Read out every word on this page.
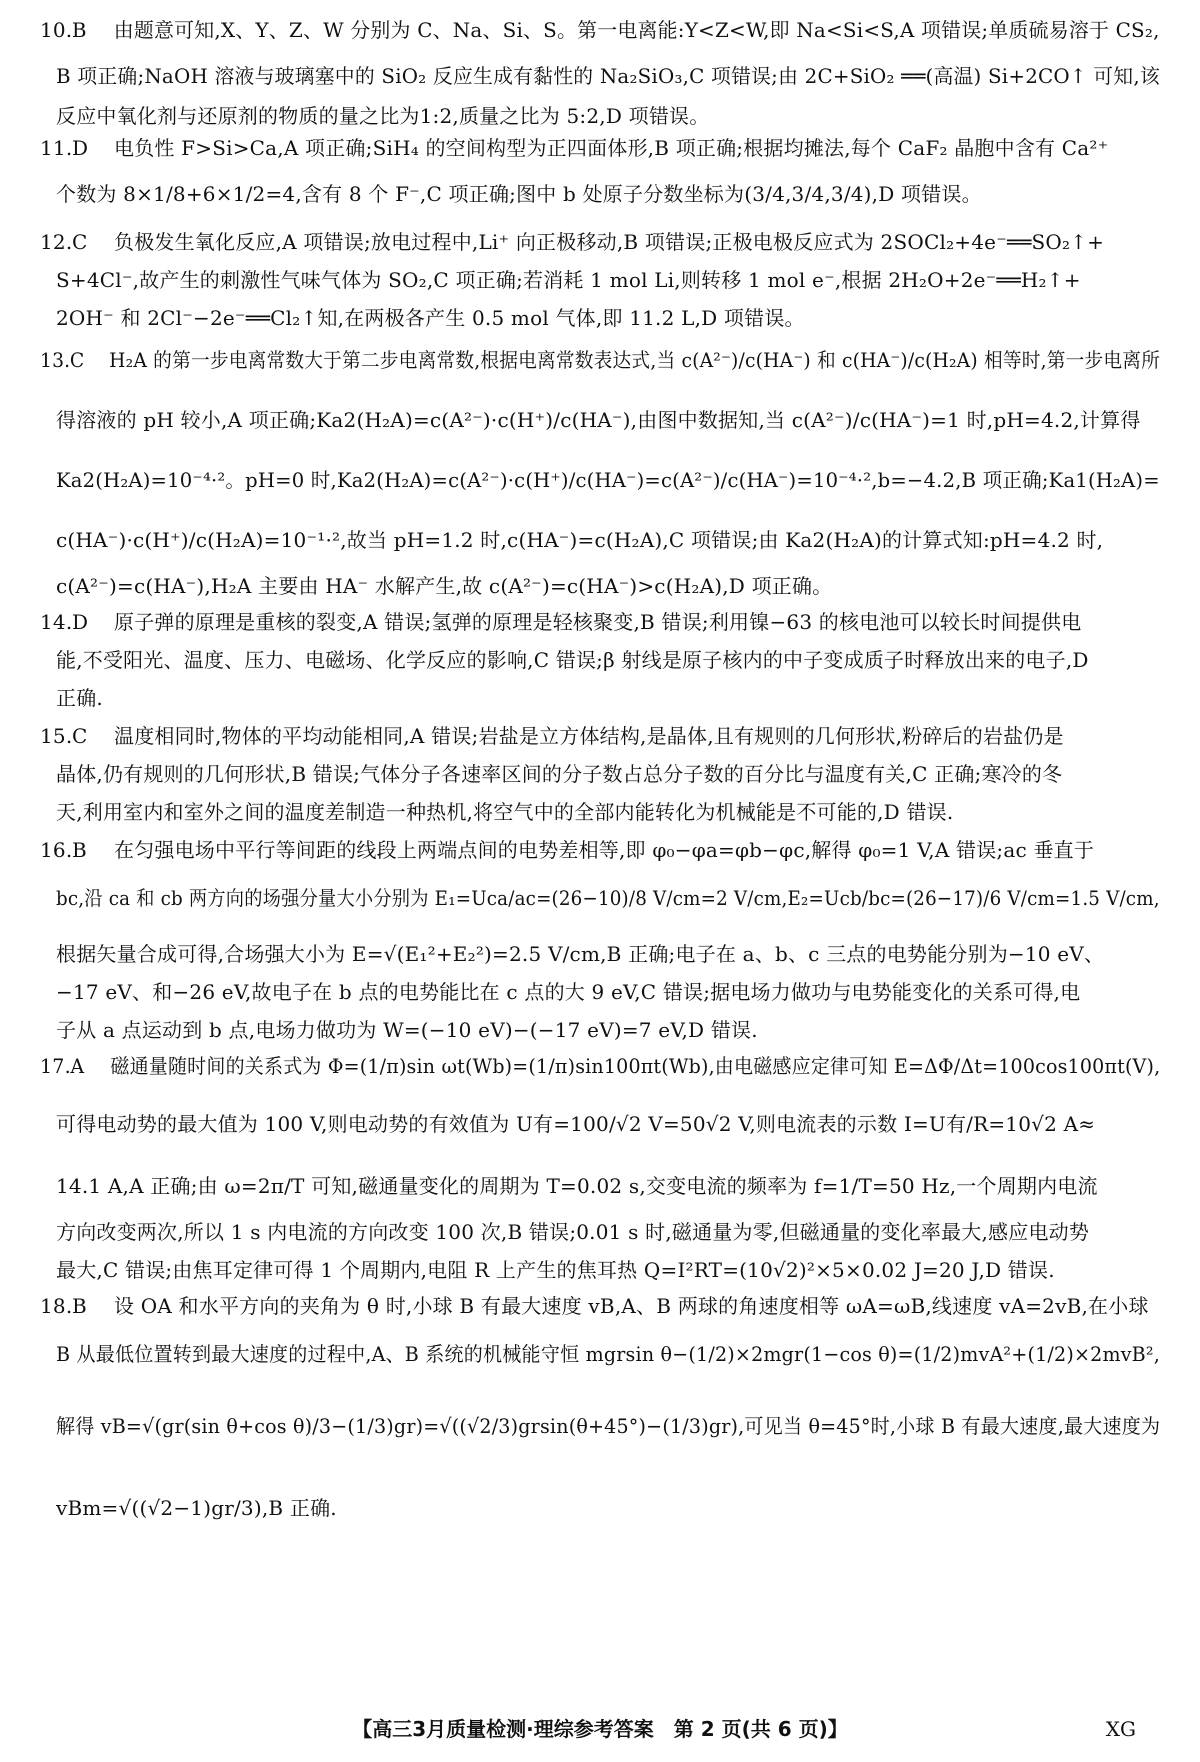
10.B 由题意可知,X、Y、Z、W 分别为 C、Na、Si、S。第一电离能:Y<Z<W,即 Na<Si<S,A 项错误;单质硫易溶于 CS₂,
B 项正确;NaOH 溶液与玻璃塞中的 SiO₂ 反应生成有黏性的 Na₂SiO₃,C 项错误;由 2C+SiO₂ ══(高温) Si+2CO↑ 可知,该
反应中氧化剂与还原剂的物质的量之比为1:2,质量之比为 5:2,D 项错误。
11.D 电负性 F>Si>Ca,A 项正确;SiH₄ 的空间构型为正四面体形,B 项正确;根据均摊法,每个 CaF₂ 晶胞中含有 Ca²⁺
个数为 8×1/8+6×1/2=4,含有 8 个 F⁻,C 项正确;图中 b 处原子分数坐标为(3/4,3/4,3/4),D 项错误。
12.C 负极发生氧化反应,A 项错误;放电过程中,Li⁺ 向正极移动,B 项错误;正极电极反应式为 2SOCl₂+4e⁻══SO₂↑+
S+4Cl⁻,故产生的刺激性气味气体为 SO₂,C 项正确;若消耗 1 mol Li,则转移 1 mol e⁻,根据 2H₂O+2e⁻══H₂↑+
2OH⁻ 和 2Cl⁻−2e⁻══Cl₂↑知,在两极各产生 0.5 mol 气体,即 11.2 L,D 项错误。
13.C H₂A 的第一步电离常数大于第二步电离常数,根据电离常数表达式,当 c(A²⁻)/c(HA⁻) 和 c(HA⁻)/c(H₂A) 相等时,第一步电离所
得溶液的 pH 较小,A 项正确;Ka2(H₂A)=c(A²⁻)·c(H⁺)/c(HA⁻),由图中数据知,当 c(A²⁻)/c(HA⁻)=1 时,pH=4.2,计算得
Ka2(H₂A)=10⁻⁴·²。pH=0 时,Ka2(H₂A)=c(A²⁻)·c(H⁺)/c(HA⁻)=c(A²⁻)/c(HA⁻)=10⁻⁴·²,b=−4.2,B 项正确;Ka1(H₂A)=
c(HA⁻)·c(H⁺)/c(H₂A)=10⁻¹·²,故当 pH=1.2 时,c(HA⁻)=c(H₂A),C 项错误;由 Ka2(H₂A)的计算式知:pH=4.2 时,
c(A²⁻)=c(HA⁻),H₂A 主要由 HA⁻ 水解产生,故 c(A²⁻)=c(HA⁻)>c(H₂A),D 项正确。
14.D 原子弹的原理是重核的裂变,A 错误;氢弹的原理是轻核聚变,B 错误;利用镍−63 的核电池可以较长时间提供电
能,不受阳光、温度、压力、电磁场、化学反应的影响,C 错误;β 射线是原子核内的中子变成质子时释放出来的电子,D
正确.
15.C 温度相同时,物体的平均动能相同,A 错误;岩盐是立方体结构,是晶体,且有规则的几何形状,粉碎后的岩盐仍是
晶体,仍有规则的几何形状,B 错误;气体分子各速率区间的分子数占总分子数的百分比与温度有关,C 正确;寒冷的冬
天,利用室内和室外之间的温度差制造一种热机,将空气中的全部内能转化为机械能是不可能的,D 错误.
16.B 在匀强电场中平行等间距的线段上两端点间的电势差相等,即 φ₀−φa=φb−φc,解得 φ₀=1 V,A 错误;ac 垂直于
bc,沿 ca 和 cb 两方向的场强分量大小分别为 E₁=Uca/ac=(26−10)/8 V/cm=2 V/cm,E₂=Ucb/bc=(26−17)/6 V/cm=1.5 V/cm,
根据矢量合成可得,合场强大小为 E=√(E₁²+E₂²)=2.5 V/cm,B 正确;电子在 a、b、c 三点的电势能分别为−10 eV、
−17 eV、和−26 eV,故电子在 b 点的电势能比在 c 点的大 9 eV,C 错误;据电场力做功与电势能变化的关系可得,电
子从 a 点运动到 b 点,电场力做功为 W=(−10 eV)−(−17 eV)=7 eV,D 错误.
17.A 磁通量随时间的关系式为 Φ=(1/π)sin ωt(Wb)=(1/π)sin100πt(Wb),由电磁感应定律可知 E=ΔΦ/Δt=100cos100πt(V),
可得电动势的最大值为 100 V,则电动势的有效值为 U有=100/√2 V=50√2 V,则电流表的示数 I=U有/R=10√2 A≈
14.1 A,A 正确;由 ω=2π/T 可知,磁通量变化的周期为 T=0.02 s,交变电流的频率为 f=1/T=50 Hz,一个周期内电流
方向改变两次,所以 1 s 内电流的方向改变 100 次,B 错误;0.01 s 时,磁通量为零,但磁通量的变化率最大,感应电动势
最大,C 错误;由焦耳定律可得 1 个周期内,电阻 R 上产生的焦耳热 Q=I²RT=(10√2)²×5×0.02 J=20 J,D 错误.
18.B 设 OA 和水平方向的夹角为 θ 时,小球 B 有最大速度 vB,A、B 两球的角速度相等 ωA=ωB,线速度 vA=2vB,在小球
B 从最低位置转到最大速度的过程中,A、B 系统的机械能守恒 mgrsin θ−(1/2)×2mgr(1−cos θ)=(1/2)mvA²+(1/2)×2mvB²,
解得 vB=√(gr(sin θ+cos θ)/3−(1/3)gr)=√((√2/3)grsin(θ+45°)−(1/3)gr),可见当 θ=45°时,小球 B 有最大速度,最大速度为
vBm=√((√2−1)gr/3),B 正确.
【高三3月质量检测·理综参考答案　第 2 页(共 6 页)】	XG
